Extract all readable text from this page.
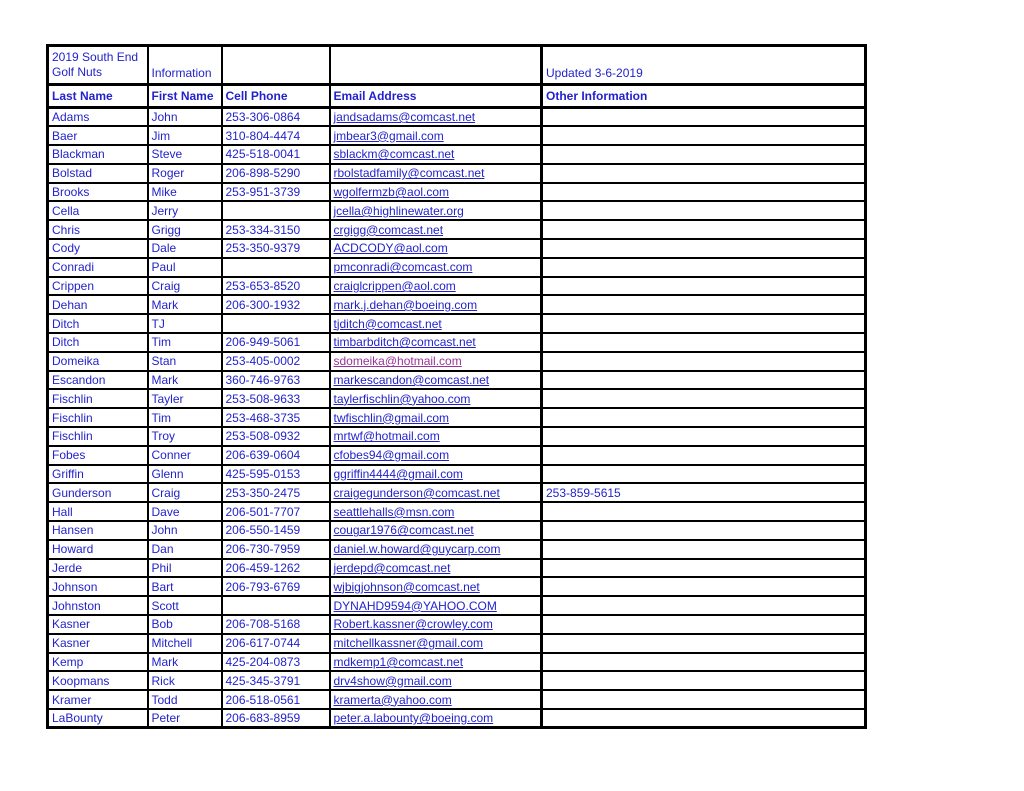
2019 South End Golf Nuts	Information			Updated 3-6-2019
Last Name	First Name	Cell Phone	Email Address	Other Information
Adams	John	253-306-0864	jandsadams@comcast.net	
Baer	Jim	310-804-4474	jmbear3@gmail.com	
Blackman	Steve	425-518-0041	sblackm@comcast.net	
Bolstad	Roger	206-898-5290	rbolstadfamily@comcast.net	
Brooks	Mike	253-951-3739	wgolfermzb@aol.com	
Cella	Jerry		jcella@highlinewater.org	
Chris	Grigg	253-334-3150	crgigg@comcast.net	
Cody	Dale	253-350-9379	ACDCODY@aol.com	
Conradi	Paul		pmconradi@comcast.com	
Crippen	Craig	253-653-8520	craiglcrippen@aol.com	
Dehan	Mark	206-300-1932	mark.j.dehan@boeing.com	
Ditch	TJ		tjditch@comcast.net	
Ditch	Tim	206-949-5061	timbarbditch@comcast.net	
Domeika	Stan	253-405-0002	sdomeika@hotmail.com	
Escandon	Mark	360-746-9763	markescandon@comcast.net	
Fischlin	Tayler	253-508-9633	taylerfischlin@yahoo.com	
Fischlin	Tim	253-468-3735	twfischlin@gmail.com	
Fischlin	Troy	253-508-0932	mrtwf@hotmail.com	
Fobes	Conner	206-639-0604	cfobes94@gmail.com	
Griffin	Glenn	425-595-0153	ggriffin4444@gmail.com	
Gunderson	Craig	253-350-2475	craigegunderson@comcast.net	253-859-5615
Hall	Dave	206-501-7707	seattlehalls@msn.com	
Hansen	John	206-550-1459	cougar1976@comcast.net	
Howard	Dan	206-730-7959	daniel.w.howard@guycarp.com	
Jerde	Phil	206-459-1262	jerdepd@comcast.net	
Johnson	Bart	206-793-6769	wjbigjohnson@comcast.net	
Johnston	Scott		DYNAHD9594@YAHOO.COM	
Kasner	Bob	206-708-5168	Robert.kassner@crowley.com	
Kasner	Mitchell	206-617-0744	mitchellkassner@gmail.com	
Kemp	Mark	425-204-0873	mdkemp1@comcast.net	
Koopmans	Rick	425-345-3791	drv4show@gmail.com	
Kramer	Todd	206-518-0561	kramerta@yahoo.com	
LaBounty	Peter	206-683-8959	peter.a.labounty@boeing.com	
